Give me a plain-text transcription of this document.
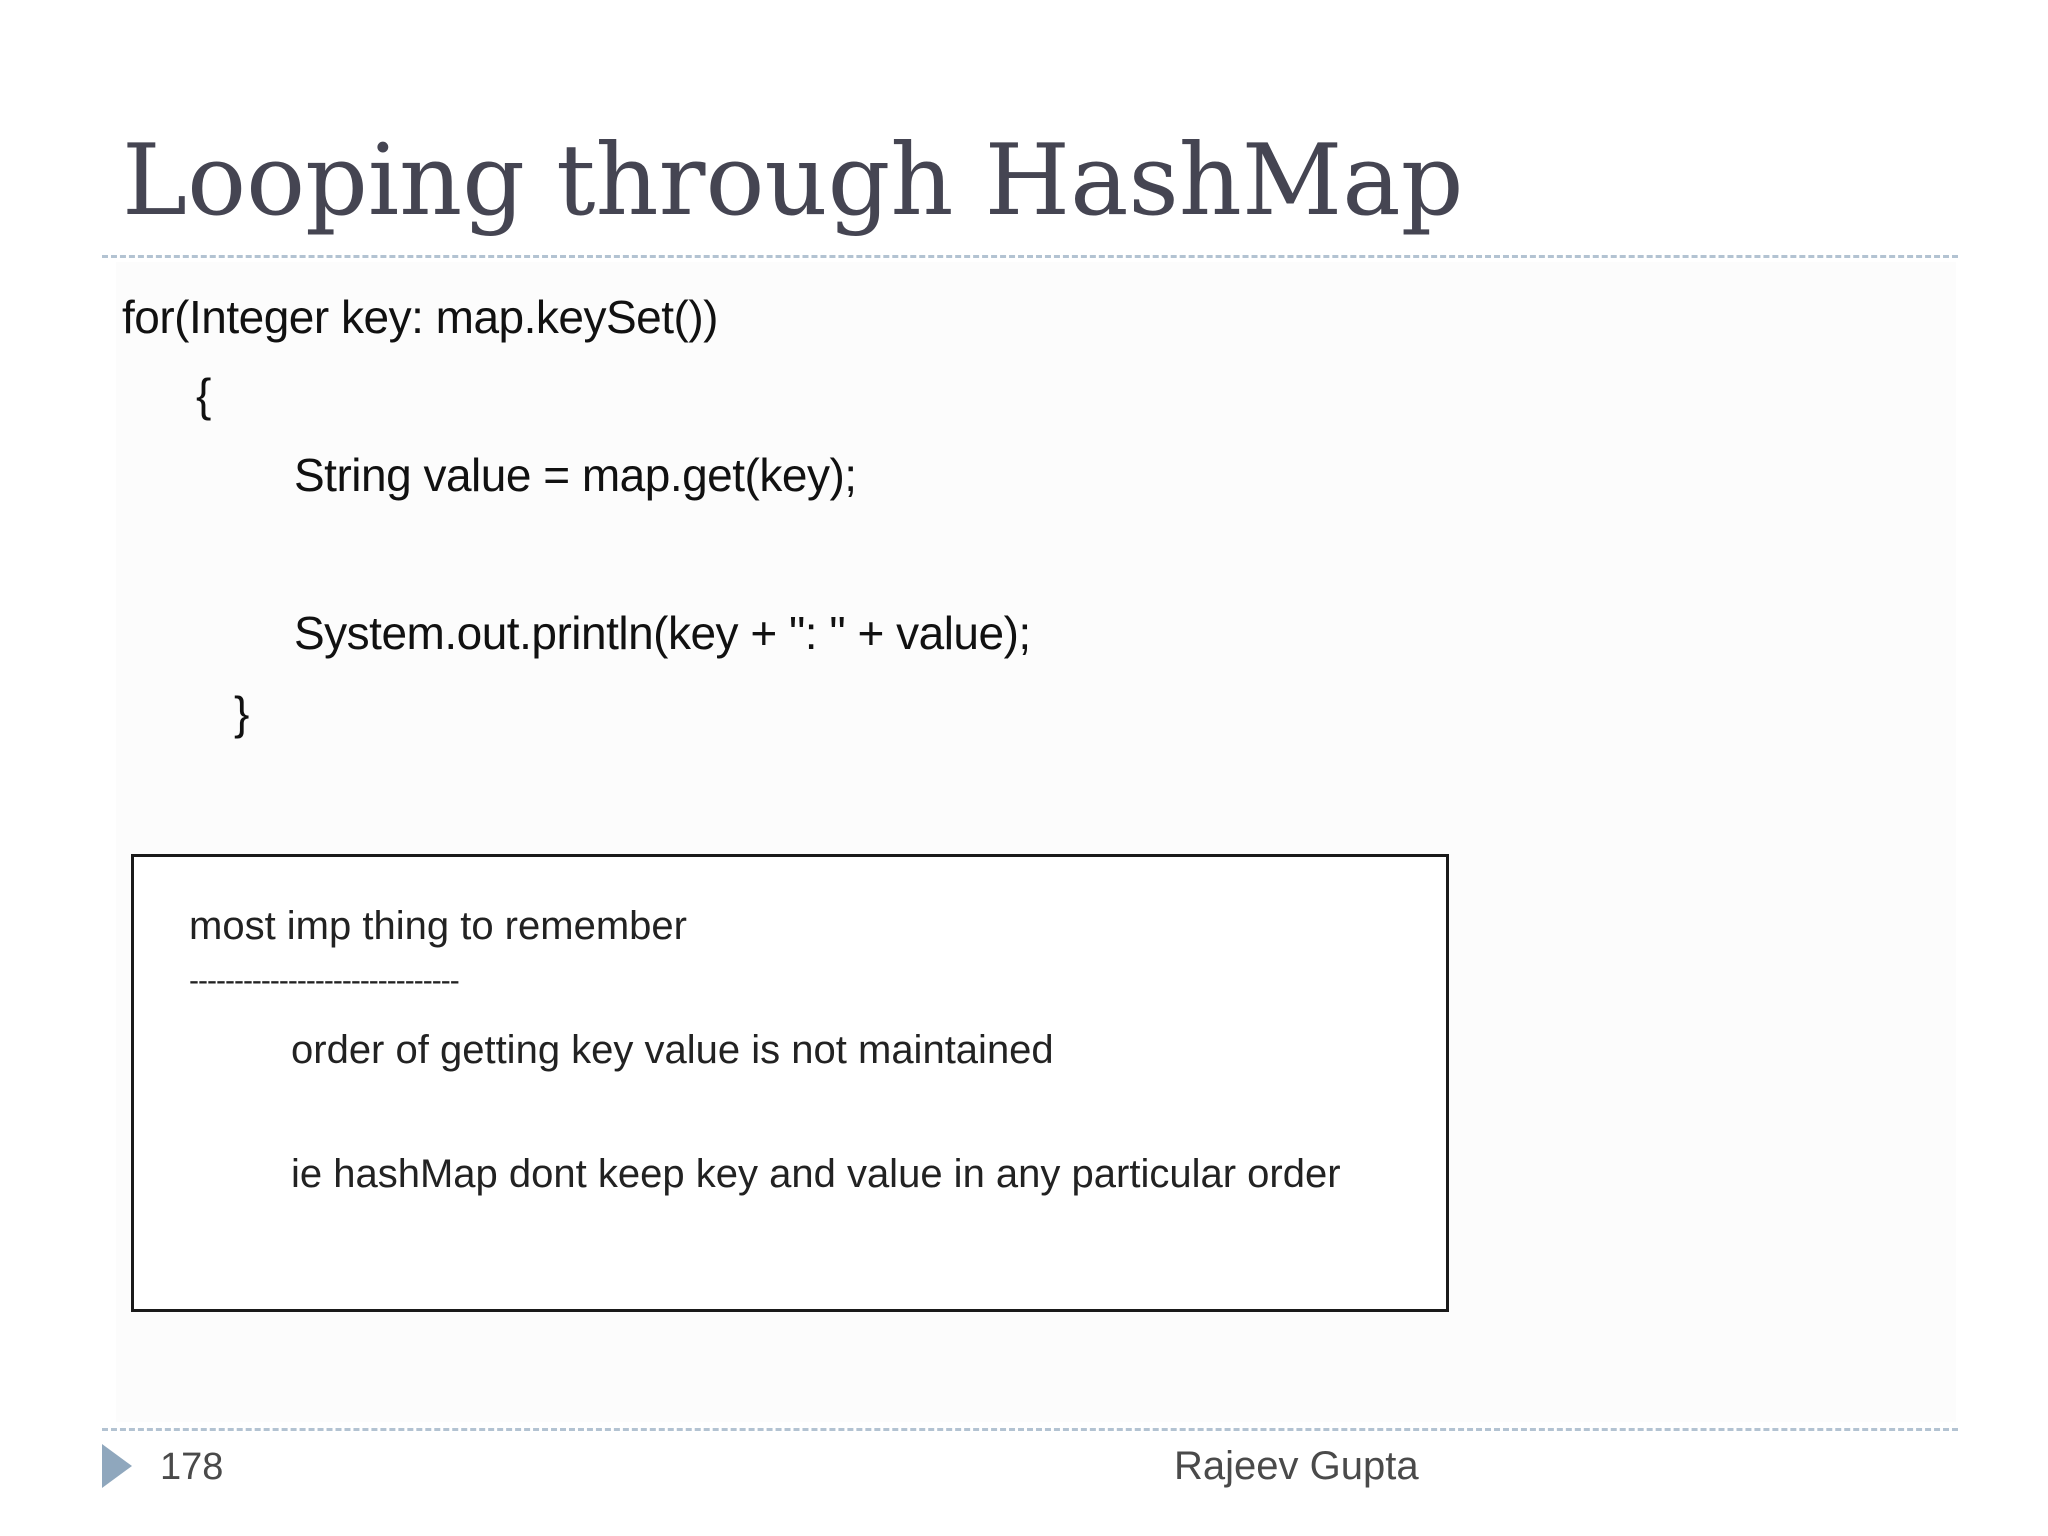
Looping through HashMap
for(Integer key: map.keySet())
{
String value = map.get(key);
System.out.println(key + ": " + value);
}
most imp thing to remember
------------------------------
order of getting key value is not maintained
ie hashMap dont keep key and value in any particular order
178	Rajeev Gupta
